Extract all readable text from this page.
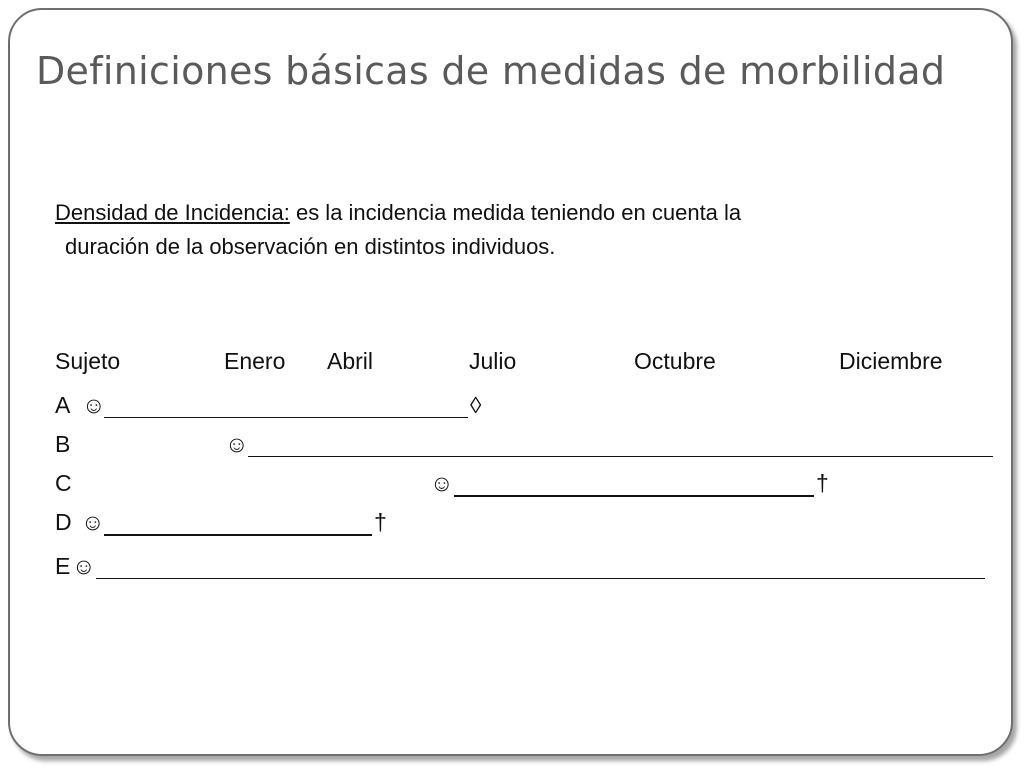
Definiciones básicas de medidas de morbilidad

Densidad de Incidencia: es la incidencia medida teniendo en cuenta la
duración de la observación en distintos individuos.

Sujeto	Enero Abril	Julio	Octubre	Diciembre
A ☺	◊
B	☺
C	☺	†
D ☺	†
E ☺
